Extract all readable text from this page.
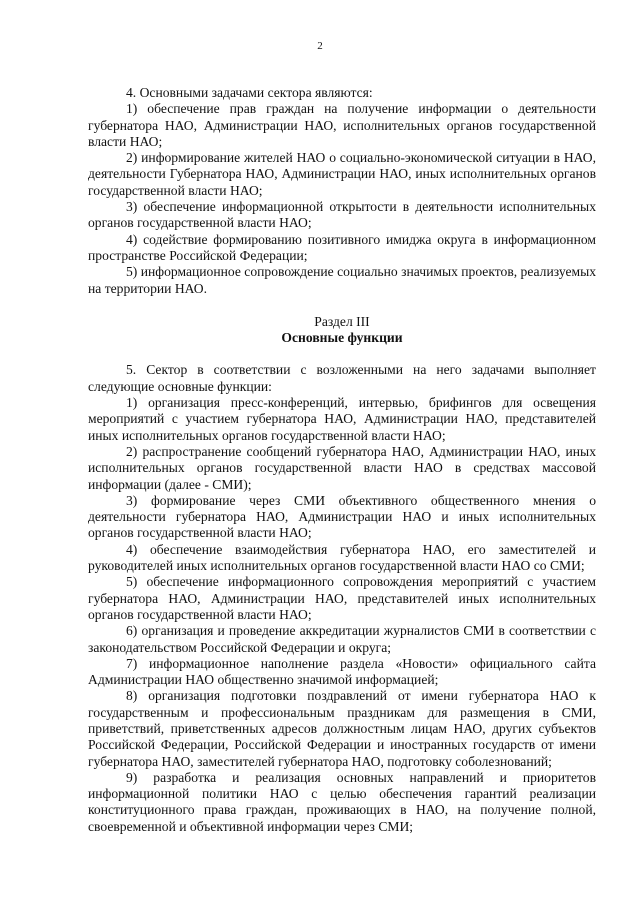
2

4. Основными задачами сектора являются:

1) обеспечение прав граждан на получение информации о деятельности губернатора НАО, Администрации НАО, исполнительных органов государственной власти НАО;

2) информирование жителей НАО о социально-экономической ситуации в НАО, деятельности Губернатора НАО, Администрации НАО, иных исполнительных органов государственной власти НАО;

3) обеспечение информационной открытости в деятельности исполнительных органов государственной власти НАО;

4) содействие формированию позитивного имиджа округа в информационном пространстве Российской Федерации;

5) информационное сопровождение социально значимых проектов, реализуемых на территории НАО.

Раздел III
Основные функции

5. Сектор в соответствии с возложенными на него задачами выполняет следующие основные функции:

1) организация пресс-конференций, интервью, брифингов для освещения мероприятий с участием губернатора НАО, Администрации НАО, представителей иных исполнительных органов государственной власти НАО;

2) распространение сообщений губернатора НАО, Администрации НАО, иных исполнительных органов государственной власти НАО в средствах массовой информации (далее - СМИ);

3) формирование через СМИ объективного общественного мнения о деятельности губернатора НАО, Администрации НАО и иных исполнительных органов государственной власти НАО;

4) обеспечение взаимодействия губернатора НАО, его заместителей и руководителей иных исполнительных органов государственной власти НАО со СМИ;

5) обеспечение информационного сопровождения мероприятий с участием губернатора НАО, Администрации НАО, представителей иных исполнительных органов государственной власти НАО;

6) организация и проведение аккредитации журналистов СМИ в соответствии с законодательством Российской Федерации и округа;

7) информационное наполнение раздела «Новости» официального сайта Администрации НАО общественно значимой информацией;

8) организация подготовки поздравлений от имени губернатора НАО к государственным и профессиональным праздникам для размещения в СМИ, приветствий, приветственных адресов должностным лицам НАО, других субъектов Российской Федерации, Российской Федерации и иностранных государств от имени губернатора НАО, заместителей губернатора НАО, подготовку соболезнований;

9) разработка и реализация основных направлений и приоритетов информационной политики НАО с целью обеспечения гарантий реализации конституционного права граждан, проживающих в НАО, на получение полной, своевременной и объективной информации через СМИ;
